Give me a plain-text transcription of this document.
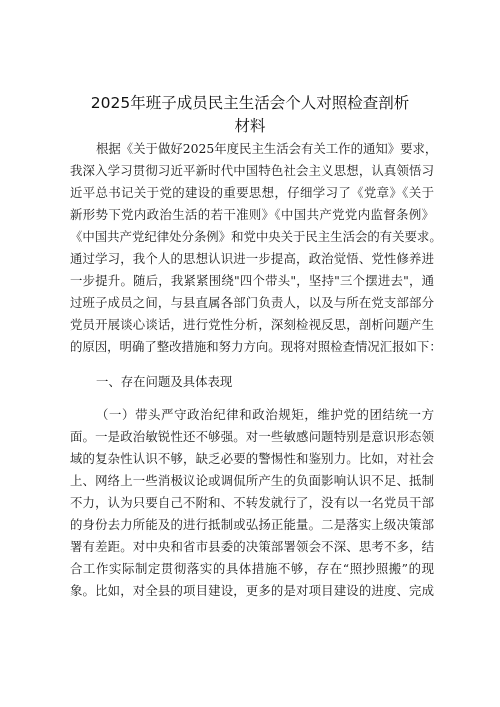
2025年班子成员民主生活会个人对照检查剖析
材料
根据《关于做好2025年度民主生活会有关工作的通知》要求，
我深入学习贯彻习近平新时代中国特色社会主义思想，认真领悟习
近平总书记关于党的建设的重要思想，仔细学习了《党章》《关于
新形势下党内政治生活的若干准则》《中国共产党党内监督条例》
《中国共产党纪律处分条例》和党中央关于民主生活会的有关要求。
通过学习，我个人的思想认识进一步提高，政治觉悟、党性修养进
一步提升。随后，我紧紧围绕"四个带头"，坚持"三个摆进去"，通
过班子成员之间，与县直属各部门负责人，以及与所在党支部部分
党员开展谈心谈话，进行党性分析，深刻检视反思，剖析问题产生
的原因，明确了整改措施和努力方向。现将对照检查情况汇报如下：
一、存在问题及具体表现
（一）带头严守政治纪律和政治规矩，维护党的团结统一方
面。一是政治敏锐性还不够强。对一些敏感问题特别是意识形态领
域的复杂性认识不够，缺乏必要的警惕性和鉴别力。比如，对社会
上、网络上一些消极议论或调侃所产生的负面影响认识不足、抵制
不力，认为只要自己不附和、不转发就行了，没有以一名党员干部
的身份去力所能及的进行抵制或弘扬正能量。二是落实上级决策部
署有差距。对中央和省市县委的决策部署领会不深、思考不多，结
合工作实际制定贯彻落实的具体措施不够，存在“照抄照搬”的现
象。比如，对全县的项目建设，更多的是对项目建设的进度、完成
